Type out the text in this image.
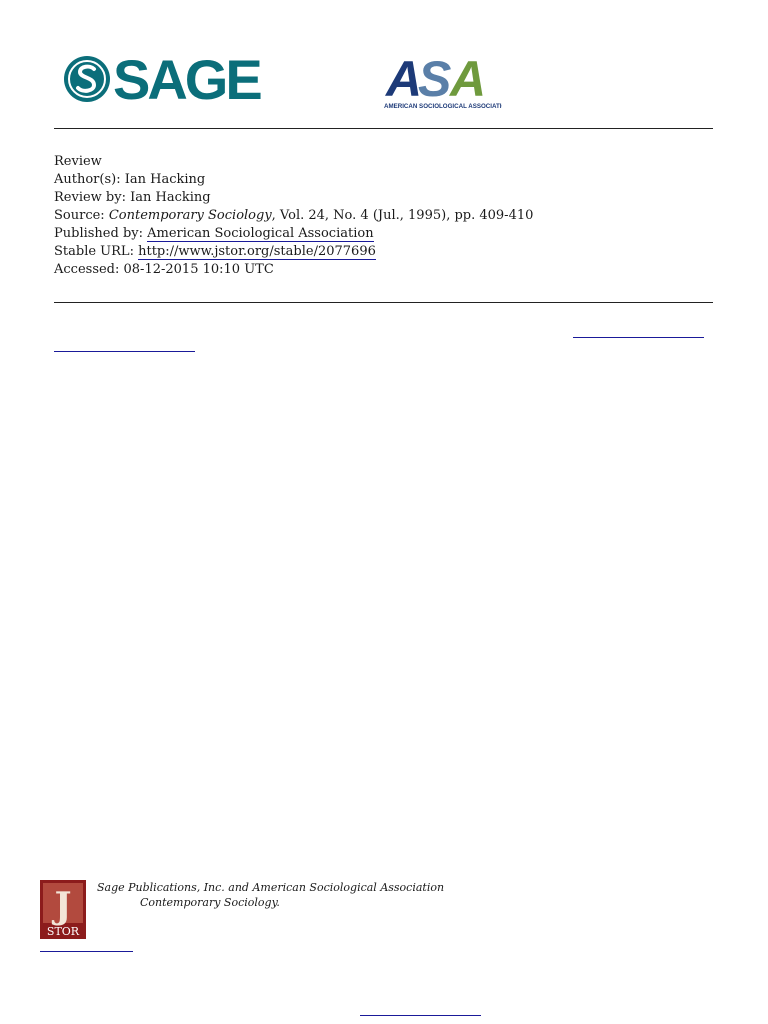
SAGE	A S A
AMERICAN SOCIOLOGICAL ASSOCIATION
Review
Author(s): Ian Hacking
Review by: Ian Hacking
Source: Contemporary Sociology, Vol. 24, No. 4 (Jul., 1995), pp. 409-410
Published by: American Sociological Association
Stable URL: http://www.jstor.org/stable/2077696
Accessed: 08-12-2015 10:10 UTC
J
STOR
Sage Publications, Inc. and American Sociological Association
Contemporary Sociology.
